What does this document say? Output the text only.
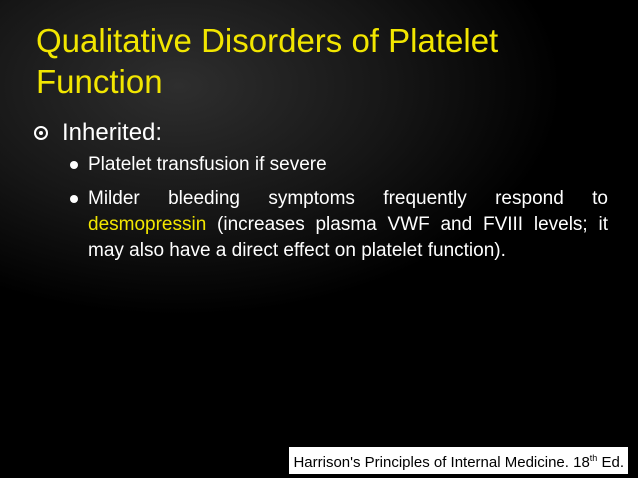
Qualitative Disorders of Platelet Function
Inherited:
Platelet transfusion if severe
Milder bleeding symptoms frequently respond to desmopressin (increases plasma VWF and FVIII levels; it may also have a direct effect on platelet function).
Harrison's Principles of Internal Medicine. 18th Ed.
